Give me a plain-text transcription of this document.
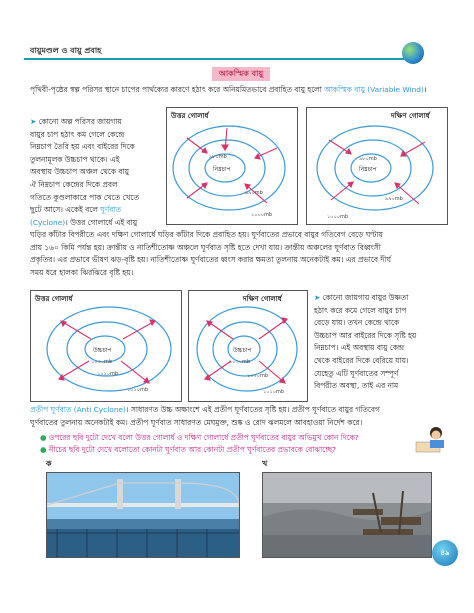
বায়ুমণ্ডল ও বায়ু প্রবাহ
আকস্মিক বায়ু
পৃথিবী-পৃষ্ঠের স্বল্প পরিসর স্থানে চাপের পার্থক্যের কারণে হঠাৎ করে অনিয়মিতভাবে প্রবাহিত বায়ু হলো আকস্মিক বায়ু (Variable Wind)।
➤ কোনো অল্প পরিসর জায়গায়
বায়ুর চাপ হঠাৎ কম গেলে কেন্দ্রে
নিম্নচাপ তৈরি হয় এবং বাইরের দিকে
তুলনামূলক উচ্চচাপ থাকে। এই
অবস্থায় উচ্চচাপ অঞ্চল থেকে বায়ু
ঐ নিম্নচাপ কেন্দ্রের দিকে প্রবল
গতিতে কুণ্ডলাকারে পাক খেতে খেতে
ছুটে আসে। একেই বলে ঘূর্ণবাত
(Cyclone)। উত্তর গোলার্ধে এই বায়ু
উত্তর গোলার্ধ
নিম্নচাপ
৯৮০mb
৯৯০mb
১০০০mb
দক্ষিণ গোলার্ধ
নিম্নচাপ
৯৮০mb
৯৯০mb
১০০০mb
ঘড়ির কাঁটার বিপরীতে এবং দক্ষিণ গোলার্ধে ঘড়ির কাঁটার দিকে প্রবাহিত হয়। ঘূর্ণবাতের প্রভাবে বায়ুর গতিবেগ বেড়ে ঘণ্টায়
প্রায় ১৬০ কিমি পর্যন্ত হয়। ক্রান্তীয় ও নাতিশীতোষ্ণ অঞ্চলে ঘূর্ণবাত সৃষ্টি হতে দেখা যায়। ক্রান্তীয় অঞ্চলের ঘূর্ণবাত বিধ্বংসী
প্রকৃতির। এর প্রভাবে ভীষণ ঝড়-বৃষ্টি হয়। নাতিশীতোষ্ণ ঘূর্ণবাতের ধ্বংস করার ক্ষমতা তুলনায় অনেকটাই কম। এর প্রভাবে দীর্ঘ
সময় ধরে হালকা ঝিরঝিরে বৃষ্টি হয়।
উত্তর গোলার্ধ
উচ্চচাপ
১০৩০mb
১০২০mb
১০১০mb
দক্ষিণ গোলার্ধ
উচ্চচাপ
১০৩০mb
১০২০mb
১০১০mb
➤ কোনো জায়গায় বায়ুর উষ্ণতা
হঠাৎ করে কমে গেলে বায়ুর চাপ
বেড়ে যায়। তখন কেন্দ্রে থাকে
উচ্চচাপ আর বাইরের দিকে সৃষ্টি হয়
নিম্নচাপ। এই অবস্থায় বায়ু কেন্দ্র
থেকে বাইরের দিকে বেরিয়ে যায়।
যেহেতু এটি ঘূর্ণবাতের সম্পূর্ণ
বিপরীত অবস্থা, তাই এর নাম
প্রতীপ ঘূর্ণবাত (Anti Cyclone)। সাধারণত উচ্চ অক্ষাংশে এই প্রতীপ ঘূর্ণবাতের সৃষ্টি হয়। প্রতীপ ঘূর্ণবাতে বায়ুর গতিবেগ
ঘূর্ণবাতের তুলনায় অনেকটাই কম। প্রতীপ ঘূর্ণবাত সাধারণত মেঘমুক্ত, শুষ্ক ও রোদ ঝলমলে আবহাওয়া নির্দেশ করে।
● ওপরের ছবি দুটো দেখে বলো উত্তর গোলার্ধ ও দক্ষিণ গোলার্ধে প্রতীপ ঘূর্ণবাতের বায়ুর অভিমুখ কোন দিকে?
● নীচের ছবি দুটো দেখে বলোতো কোনটা ঘূর্ণবাত আর কোনটা প্রতীপ ঘূর্ণবাতের প্রভাবকে বোঝাচ্ছে?
ক	খ
৪৯
